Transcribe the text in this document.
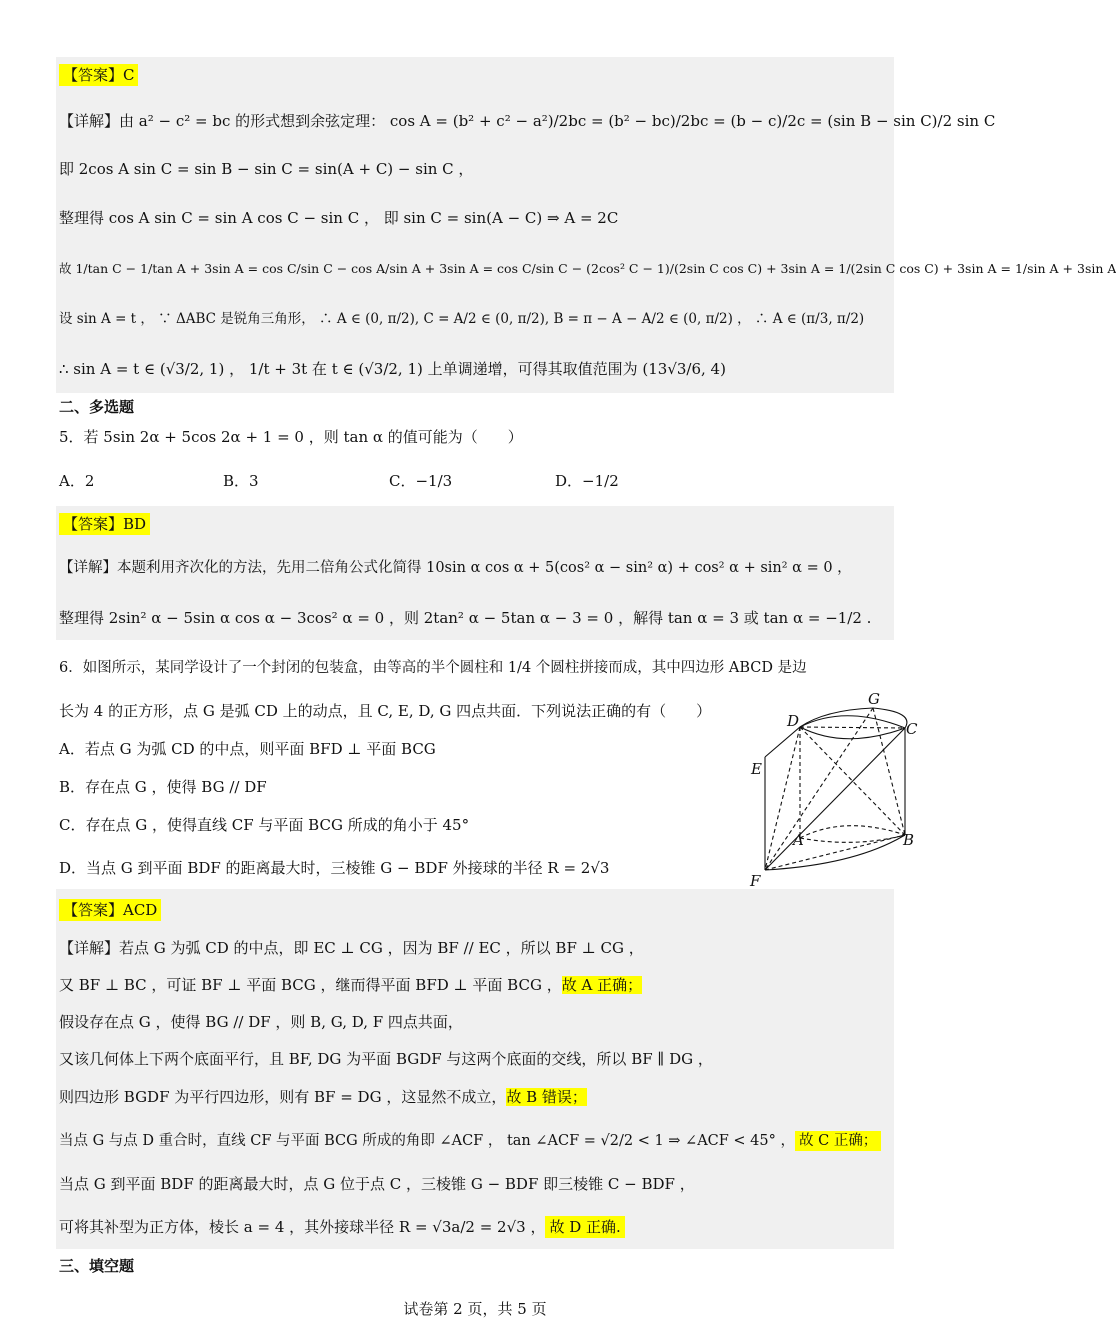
【答案】C
【详解】由 a² − c² = bc 的形式想到余弦定理： cos A = (b² + c² − a²)/2bc = (b² − bc)/2bc = (b − c)/2c = (sin B − sin C)/2 sin C
即 2cos A sin C = sin B − sin C = sin(A + C) − sin C ，
整理得 cos A sin C = sin A cos C − sin C ， 即 sin C = sin(A − C) ⇒ A = 2C
故 1/tan C − 1/tan A + 3sin A = cos C/sin C − cos A/sin A + 3sin A = cos C/sin C − (2cos² C − 1)/(2sin C cos C) + 3sin A = 1/(2sin C cos C) + 3sin A = 1/sin A + 3sin A
设 sin A = t ， ∵ ΔABC 是锐角三角形， ∴ A ∈ (0, π/2), C = A/2 ∈ (0, π/2), B = π − A − A/2 ∈ (0, π/2) ， ∴ A ∈ (π/3, π/2)
∴ sin A = t ∈ (√3/2, 1) ， 1/t + 3t 在 t ∈ (√3/2, 1) 上单调递增，可得其取值范围为 (13√3/6, 4)
二、多选题
5．若 5sin 2α + 5cos 2α + 1 = 0 ，则 tan α 的值可能为（　　）
A．2	B．3	C．−1/3	D．−1/2
【答案】BD
【详解】本题利用齐次化的方法，先用二倍角公式化简得 10sin α cos α + 5(cos² α − sin² α) + cos² α + sin² α = 0 ，
整理得 2sin² α − 5sin α cos α − 3cos² α = 0 ，则 2tan² α − 5tan α − 3 = 0 ，解得 tan α = 3 或 tan α = −1/2 .
6．如图所示，某同学设计了一个封闭的包装盒，由等高的半个圆柱和 1/4 个圆柱拼接而成，其中四边形 ABCD 是边
长为 4 的正方形，点 G 是弧 CD 上的动点，且 C, E, D, G 四点共面．下列说法正确的有（　　）
A．若点 G 为弧 CD 的中点，则平面 BFD ⊥ 平面 BCG
B．存在点 G ，使得 BG // DF
C．存在点 G ，使得直线 CF 与平面 BCG 所成的角小于 45°
D．当点 G 到平面 BDF 的距离最大时，三棱锥 G − BDF 外接球的半径 R = 2√3
G
D	C
E
A	B
F
【答案】ACD
【详解】若点 G 为弧 CD 的中点，即 EC ⊥ CG ，因为 BF // EC ，所以 BF ⊥ CG ，
又 BF ⊥ BC ，可证 BF ⊥ 平面 BCG ，继而得平面 BFD ⊥ 平面 BCG ，故 A 正确；
假设存在点 G ，使得 BG // DF ，则 B, G, D, F 四点共面，
又该几何体上下两个底面平行，且 BF, DG 为平面 BGDF 与这两个底面的交线，所以 BF ∥ DG ，
则四边形 BGDF 为平行四边形，则有 BF = DG ，这显然不成立，故 B 错误；
当点 G 与点 D 重合时，直线 CF 与平面 BCG 所成的角即 ∠ACF ， tan ∠ACF = √2/2 < 1 ⇒ ∠ACF < 45° ， 故 C 正确；
当点 G 到平面 BDF 的距离最大时，点 G 位于点 C ，三棱锥 G − BDF 即三棱锥 C − BDF ，
可将其补型为正方体，棱长 a = 4 ，其外接球半径 R = √3a/2 = 2√3 ， 故 D 正确.
三、填空题
试卷第 2 页，共 5 页
